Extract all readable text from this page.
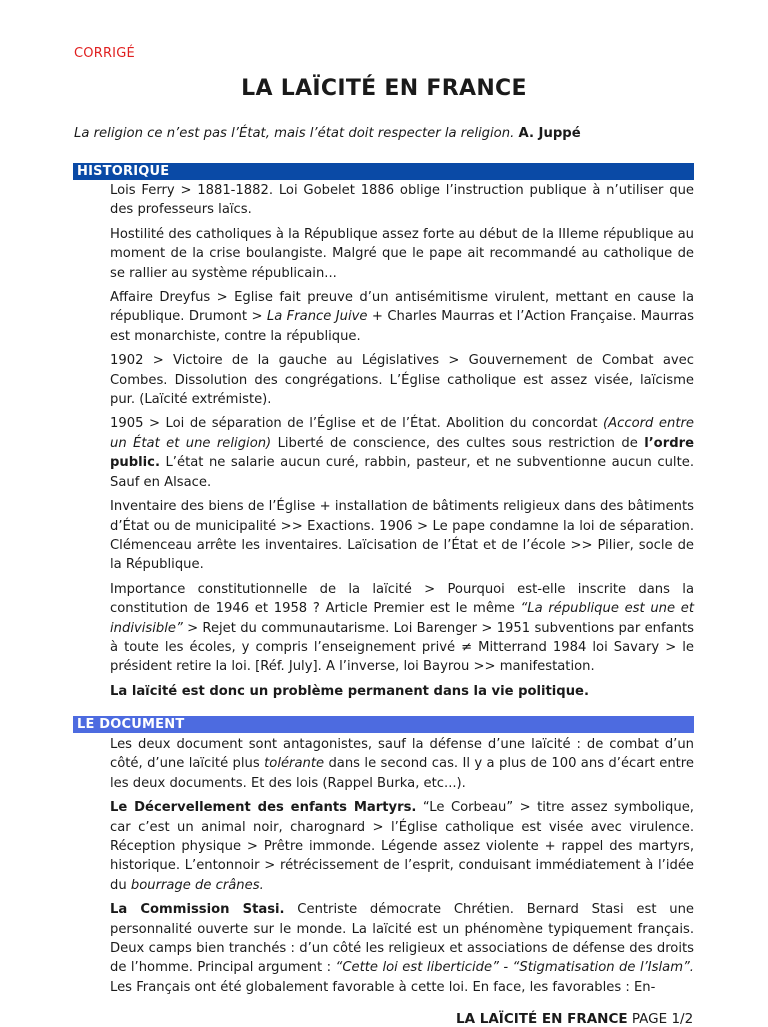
CORRIGÉ
LA LAÏCITÉ EN FRANCE
La religion ce n’est pas l’État, mais l’état doit respecter la religion. A. Juppé
HISTORIQUE

Lois Ferry > 1881-1882. Loi Gobelet 1886 oblige l’instruction publique à n’utiliser que des professeurs laïcs.

Hostilité des catholiques à la République assez forte au début de la IIIeme république au moment de la crise boulangiste. Malgré que le pape ait recommandé au catholique de se rallier au système républicain...

Affaire Dreyfus > Eglise fait preuve d’un antisémitisme virulent, mettant en cause la république. Drumont > La France Juive + Charles Maurras et l’Action Française. Maurras est monarchiste, contre la république.

1902 > Victoire de la gauche au Législatives > Gouvernement de Combat avec Combes. Dissolution des congrégations. L’Église catholique est assez visée, laïcisme pur. (Laïcité extrémiste).

1905 > Loi de séparation de l’Église et de l’État. Abolition du concordat (Accord entre un État et une religion) Liberté de conscience, des cultes sous restriction de l’ordre public. L’état ne salarie aucun curé, rabbin, pasteur, et ne subventionne aucun culte. Sauf en Alsace.

Inventaire des biens de l’Église + installation de bâtiments religieux dans des bâtiments d’État ou de municipalité >> Exactions. 1906 > Le pape condamne la loi de séparation. Clémenceau arrête les inventaires. Laïcisation de l’État et de l’école >> Pilier, socle de la République.

Importance constitutionnelle de la laïcité > Pourquoi est-elle inscrite dans la constitution de 1946 et 1958 ? Article Premier est le même “La république est une et indivisible” > Rejet du communautarisme. Loi Barenger > 1951 subventions par enfants à toute les écoles, y compris l’enseignement privé ≠ Mitterrand 1984 loi Savary > le président retire la loi. [Réf. July]. A l’inverse, loi Bayrou >> manifestation.

La laïcité est donc un problème permanent dans la vie politique.

LE DOCUMENT

Les deux document sont antagonistes, sauf la défense d’une laïcité : de combat d’un côté, d’une laïcité plus tolérante dans le second cas. Il y a plus de 100 ans d’écart entre les deux documents. Et des lois (Rappel Burka, etc...).

Le Décervellement des enfants Martyrs. “Le Corbeau” > titre assez symbolique, car c’est un animal noir, charognard > l’Église catholique est visée avec virulence. Réception physique > Prêtre immonde. Légende assez violente + rappel des martyrs, historique. L’entonnoir > rétrécissement de l’esprit, conduisant immédiatement à l’idée du bourrage de crânes.

La Commission Stasi. Centriste démocrate Chrétien. Bernard Stasi est une personnalité ouverte sur le monde. La laïcité est un phénomène typiquement français. Deux camps bien tranchés : d’un côté les religieux et associations de défense des droits de l’homme. Principal argument : “Cette loi est liberticide” - “Stigmatisation de l’Islam”. Les Français ont été globalement favorable à cette loi. En face, les favorables : En-

LA LAÏCITÉ EN FRANCE PAGE 1/2
